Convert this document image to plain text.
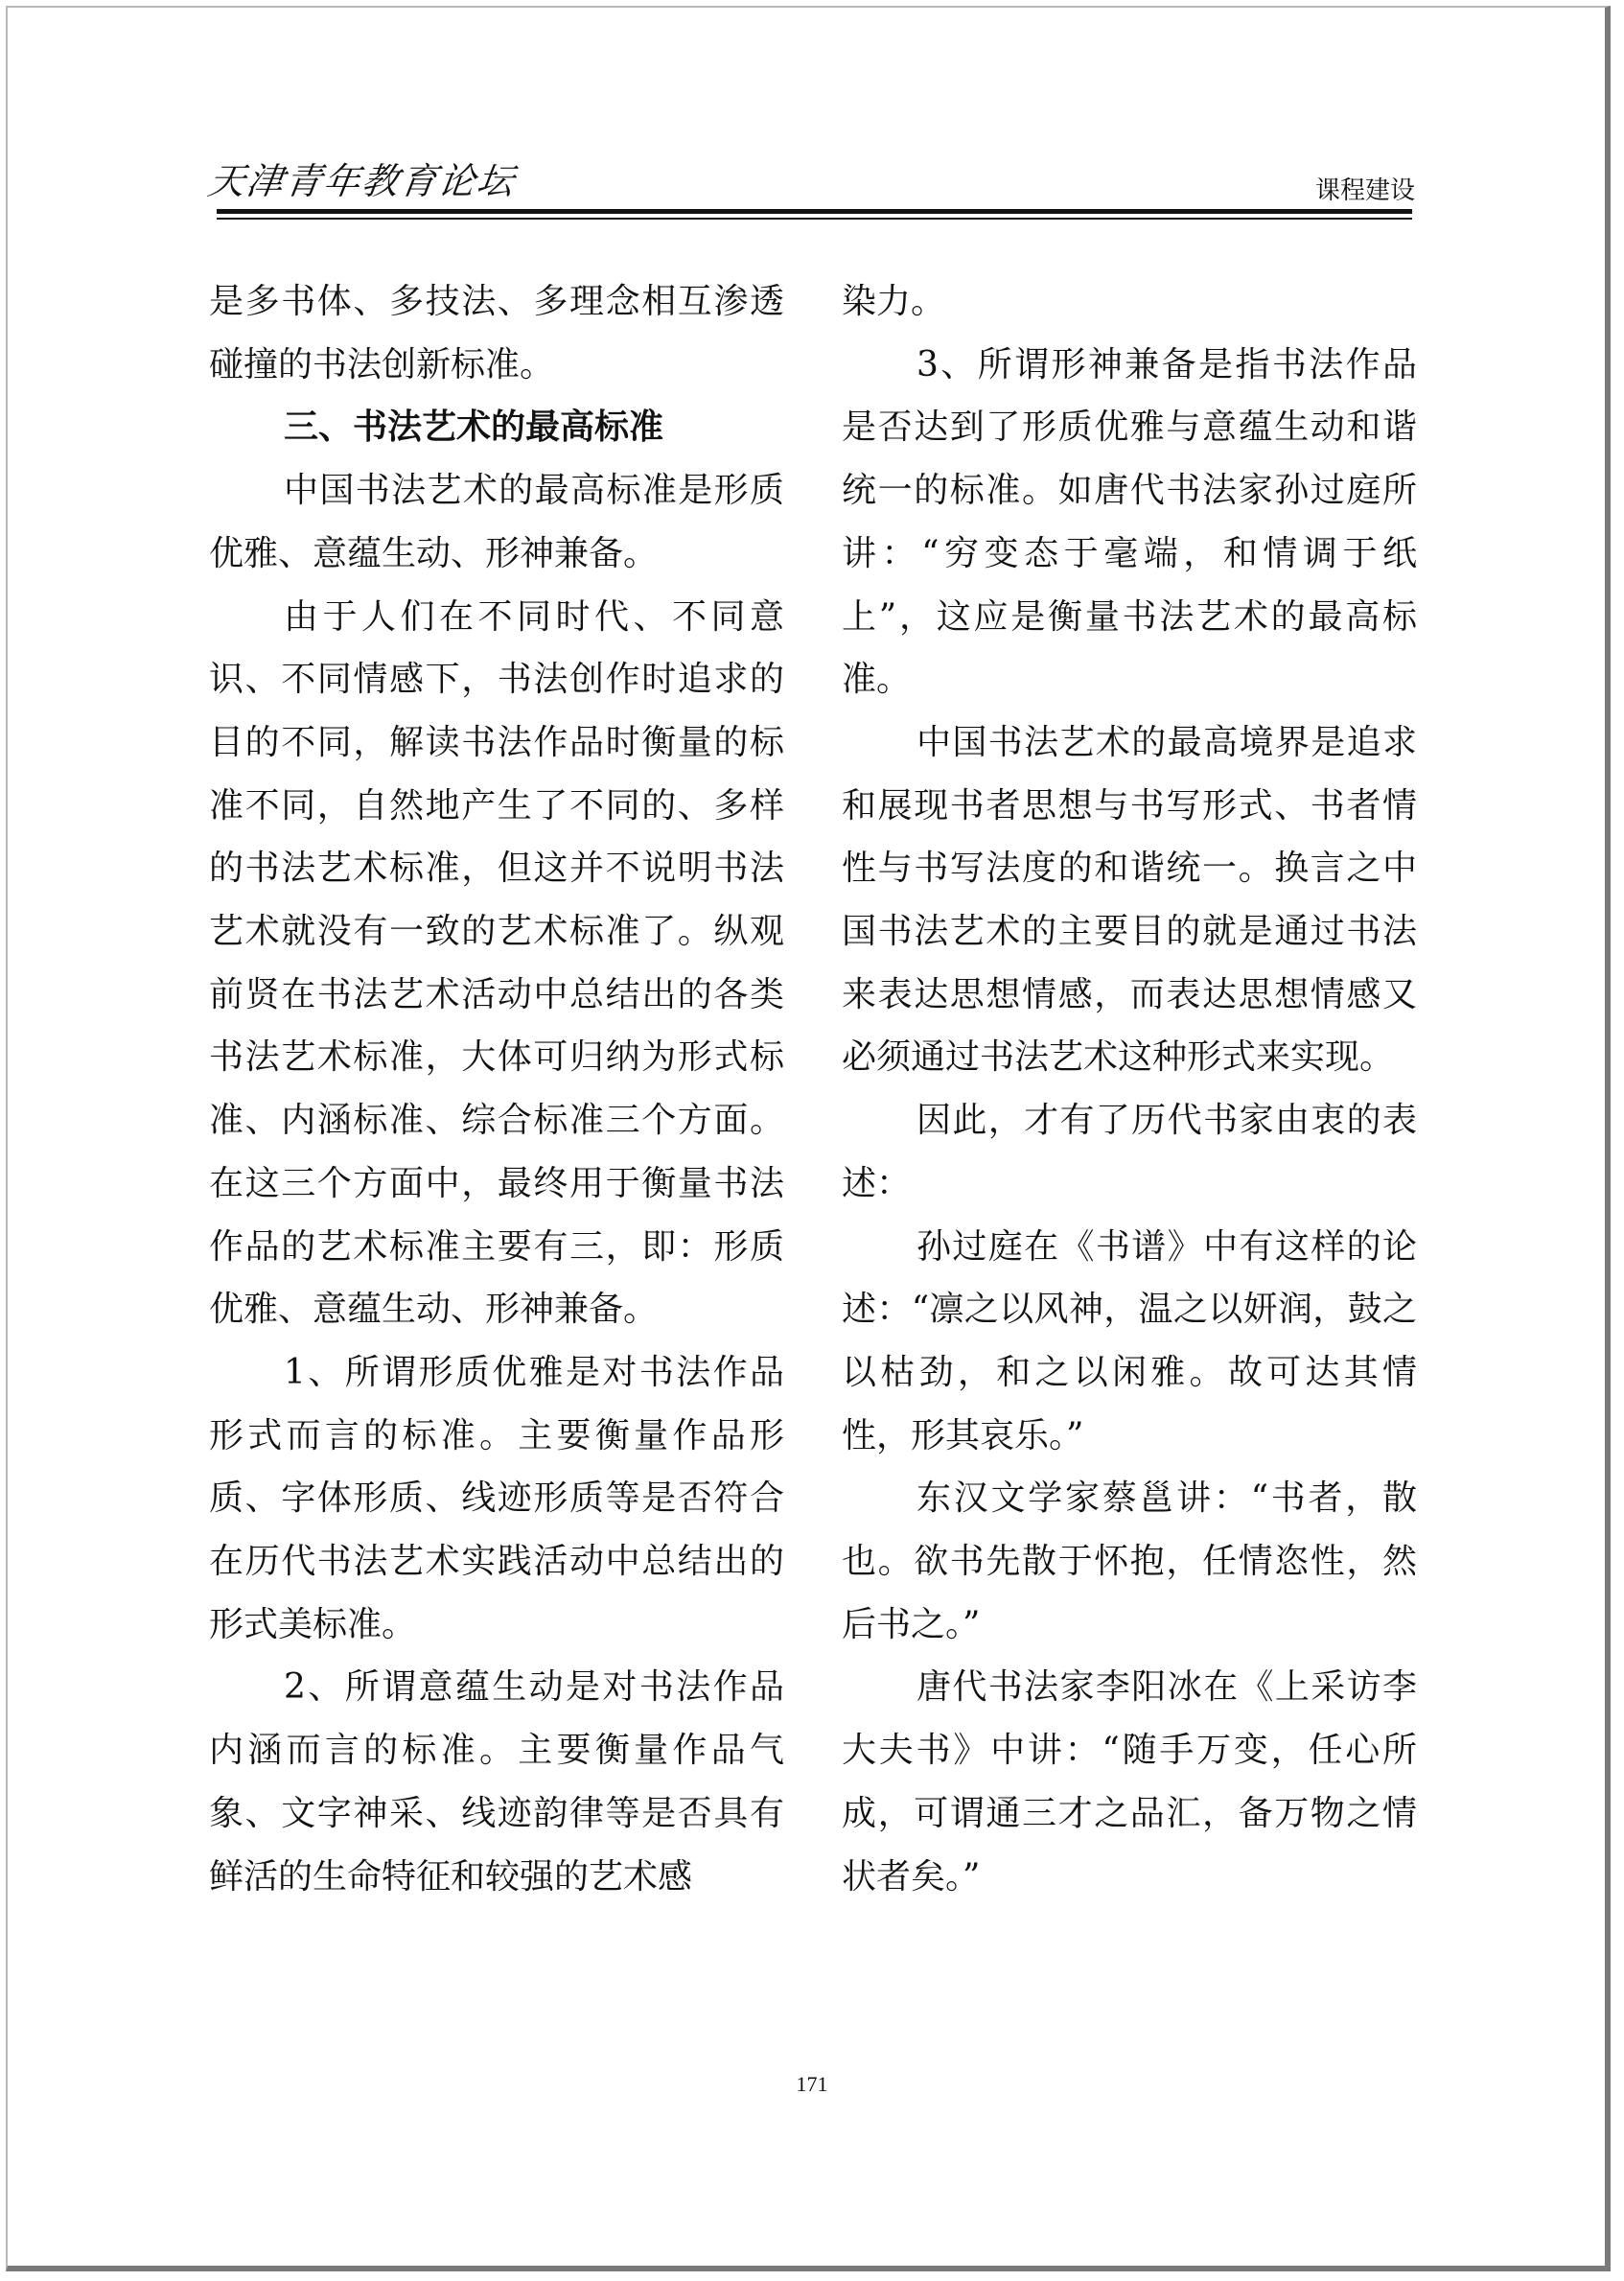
天津青年教育论坛	课程建设

是多书体、多技法、多理念相互渗透碰撞的书法创新标准。

三、书法艺术的最高标准

中国书法艺术的最高标准是形质优雅、意蕴生动、形神兼备。

由于人们在不同时代、不同意识、不同情感下，书法创作时追求的目的不同，解读书法作品时衡量的标准不同，自然地产生了不同的、多样的书法艺术标准，但这并不说明书法艺术就没有一致的艺术标准了。纵观前贤在书法艺术活动中总结出的各类书法艺术标准，大体可归纳为形式标准、内涵标准、综合标准三个方面。在这三个方面中，最终用于衡量书法作品的艺术标准主要有三，即：形质优雅、意蕴生动、形神兼备。

1、所谓形质优雅是对书法作品形式而言的标准。主要衡量作品形质、字体形质、线迹形质等是否符合在历代书法艺术实践活动中总结出的形式美标准。

2、所谓意蕴生动是对书法作品内涵而言的标准。主要衡量作品气象、文字神采、线迹韵律等是否具有鲜活的生命特征和较强的艺术感

染力。

3、所谓形神兼备是指书法作品是否达到了形质优雅与意蕴生动和谐统一的标准。如唐代书法家孙过庭所讲：“穷变态于毫端，和情调于纸上”，这应是衡量书法艺术的最高标准。

中国书法艺术的最高境界是追求和展现书者思想与书写形式、书者情性与书写法度的和谐统一。换言之中国书法艺术的主要目的就是通过书法来表达思想情感，而表达思想情感又必须通过书法艺术这种形式来实现。

因此，才有了历代书家由衷的表述：

孙过庭在《书谱》中有这样的论述：“凛之以风神，温之以妍润，鼓之以枯劲，和之以闲雅。故可达其情性，形其哀乐。”

东汉文学家蔡邕讲：“书者，散也。欲书先散于怀抱，任情恣性，然后书之。”

唐代书法家李阳冰在《上采访李大夫书》中讲：“随手万变，任心所成，可谓通三才之品汇，备万物之情状者矣。”

171
